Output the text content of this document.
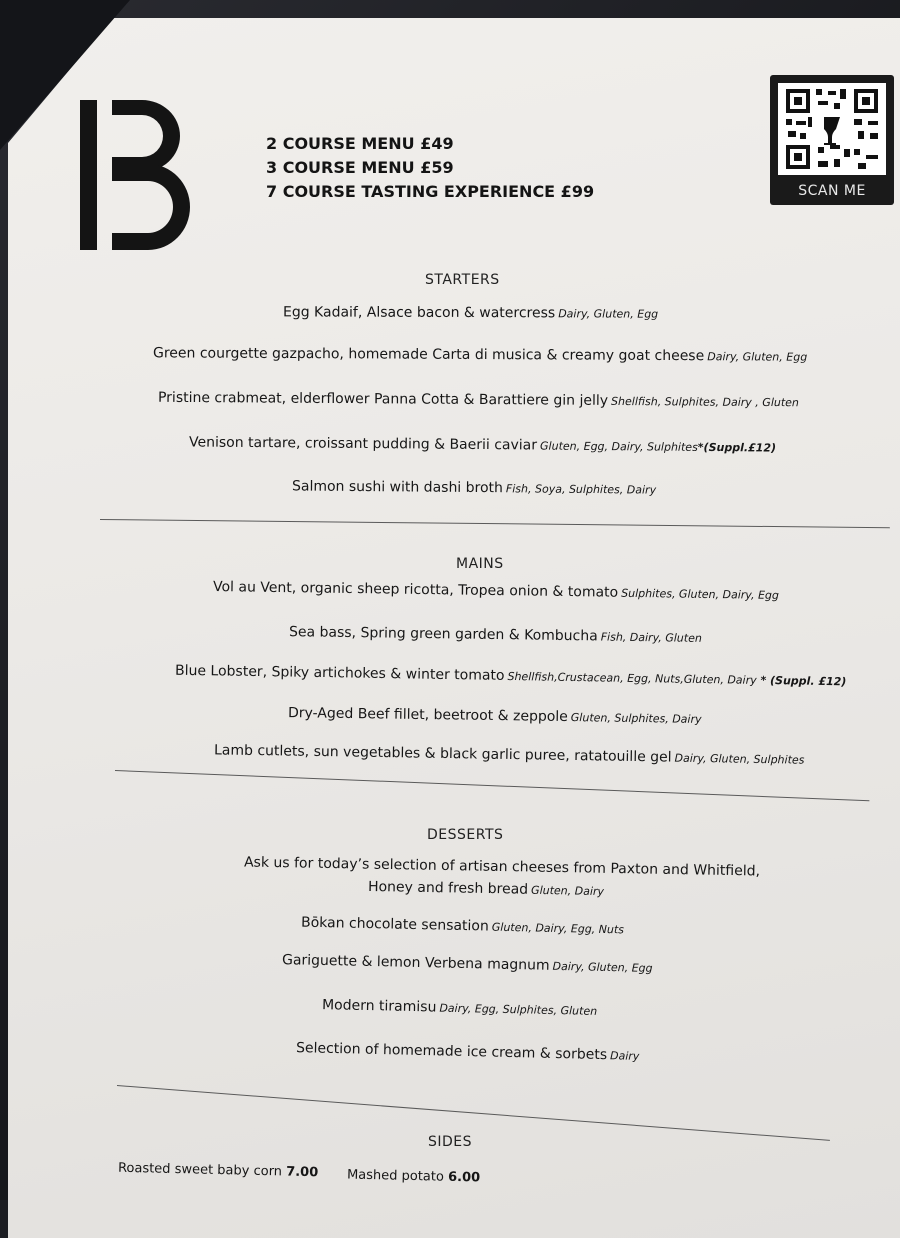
2 COURSE MENU £49
3 COURSE MENU £59
7 COURSE TASTING EXPERIENCE £99	SCAN ME
STARTERS
Egg Kadaif, Alsace bacon & watercress Dairy, Gluten, Egg
Green courgette gazpacho, homemade Carta di musica & creamy goat cheese Dairy, Gluten, Egg
Pristine crabmeat, elderflower Panna Cotta & Barattiere gin jelly Shellfish, Sulphites, Dairy , Gluten
Venison tartare, croissant pudding & Baerii caviar Gluten, Egg, Dairy, Sulphites*(Suppl.£12)
Salmon sushi with dashi broth Fish, Soya, Sulphites, Dairy
MAINS
Vol au Vent, organic sheep ricotta, Tropea onion & tomato Sulphites, Gluten, Dairy, Egg
Sea bass, Spring green garden & Kombucha Fish, Dairy, Gluten
Blue Lobster, Spiky artichokes & winter tomato Shellfish,Crustacean, Egg, Nuts,Gluten, Dairy * (Suppl. £12)
Dry-Aged Beef fillet, beetroot & zeppole Gluten, Sulphites, Dairy
Lamb cutlets, sun vegetables & black garlic puree, ratatouille gel Dairy, Gluten, Sulphites
DESSERTS
Ask us for today’s selection of artisan cheeses from Paxton and Whitfield,
Honey and fresh bread Gluten, Dairy
Bōkan chocolate sensation Gluten, Dairy, Egg, Nuts
Gariguette & lemon Verbena magnum Dairy, Gluten, Egg
Modern tiramisu Dairy, Egg, Sulphites, Gluten
Selection of homemade ice cream & sorbets Dairy
SIDES
Roasted sweet baby corn 7.00 Mashed potato 6.00
